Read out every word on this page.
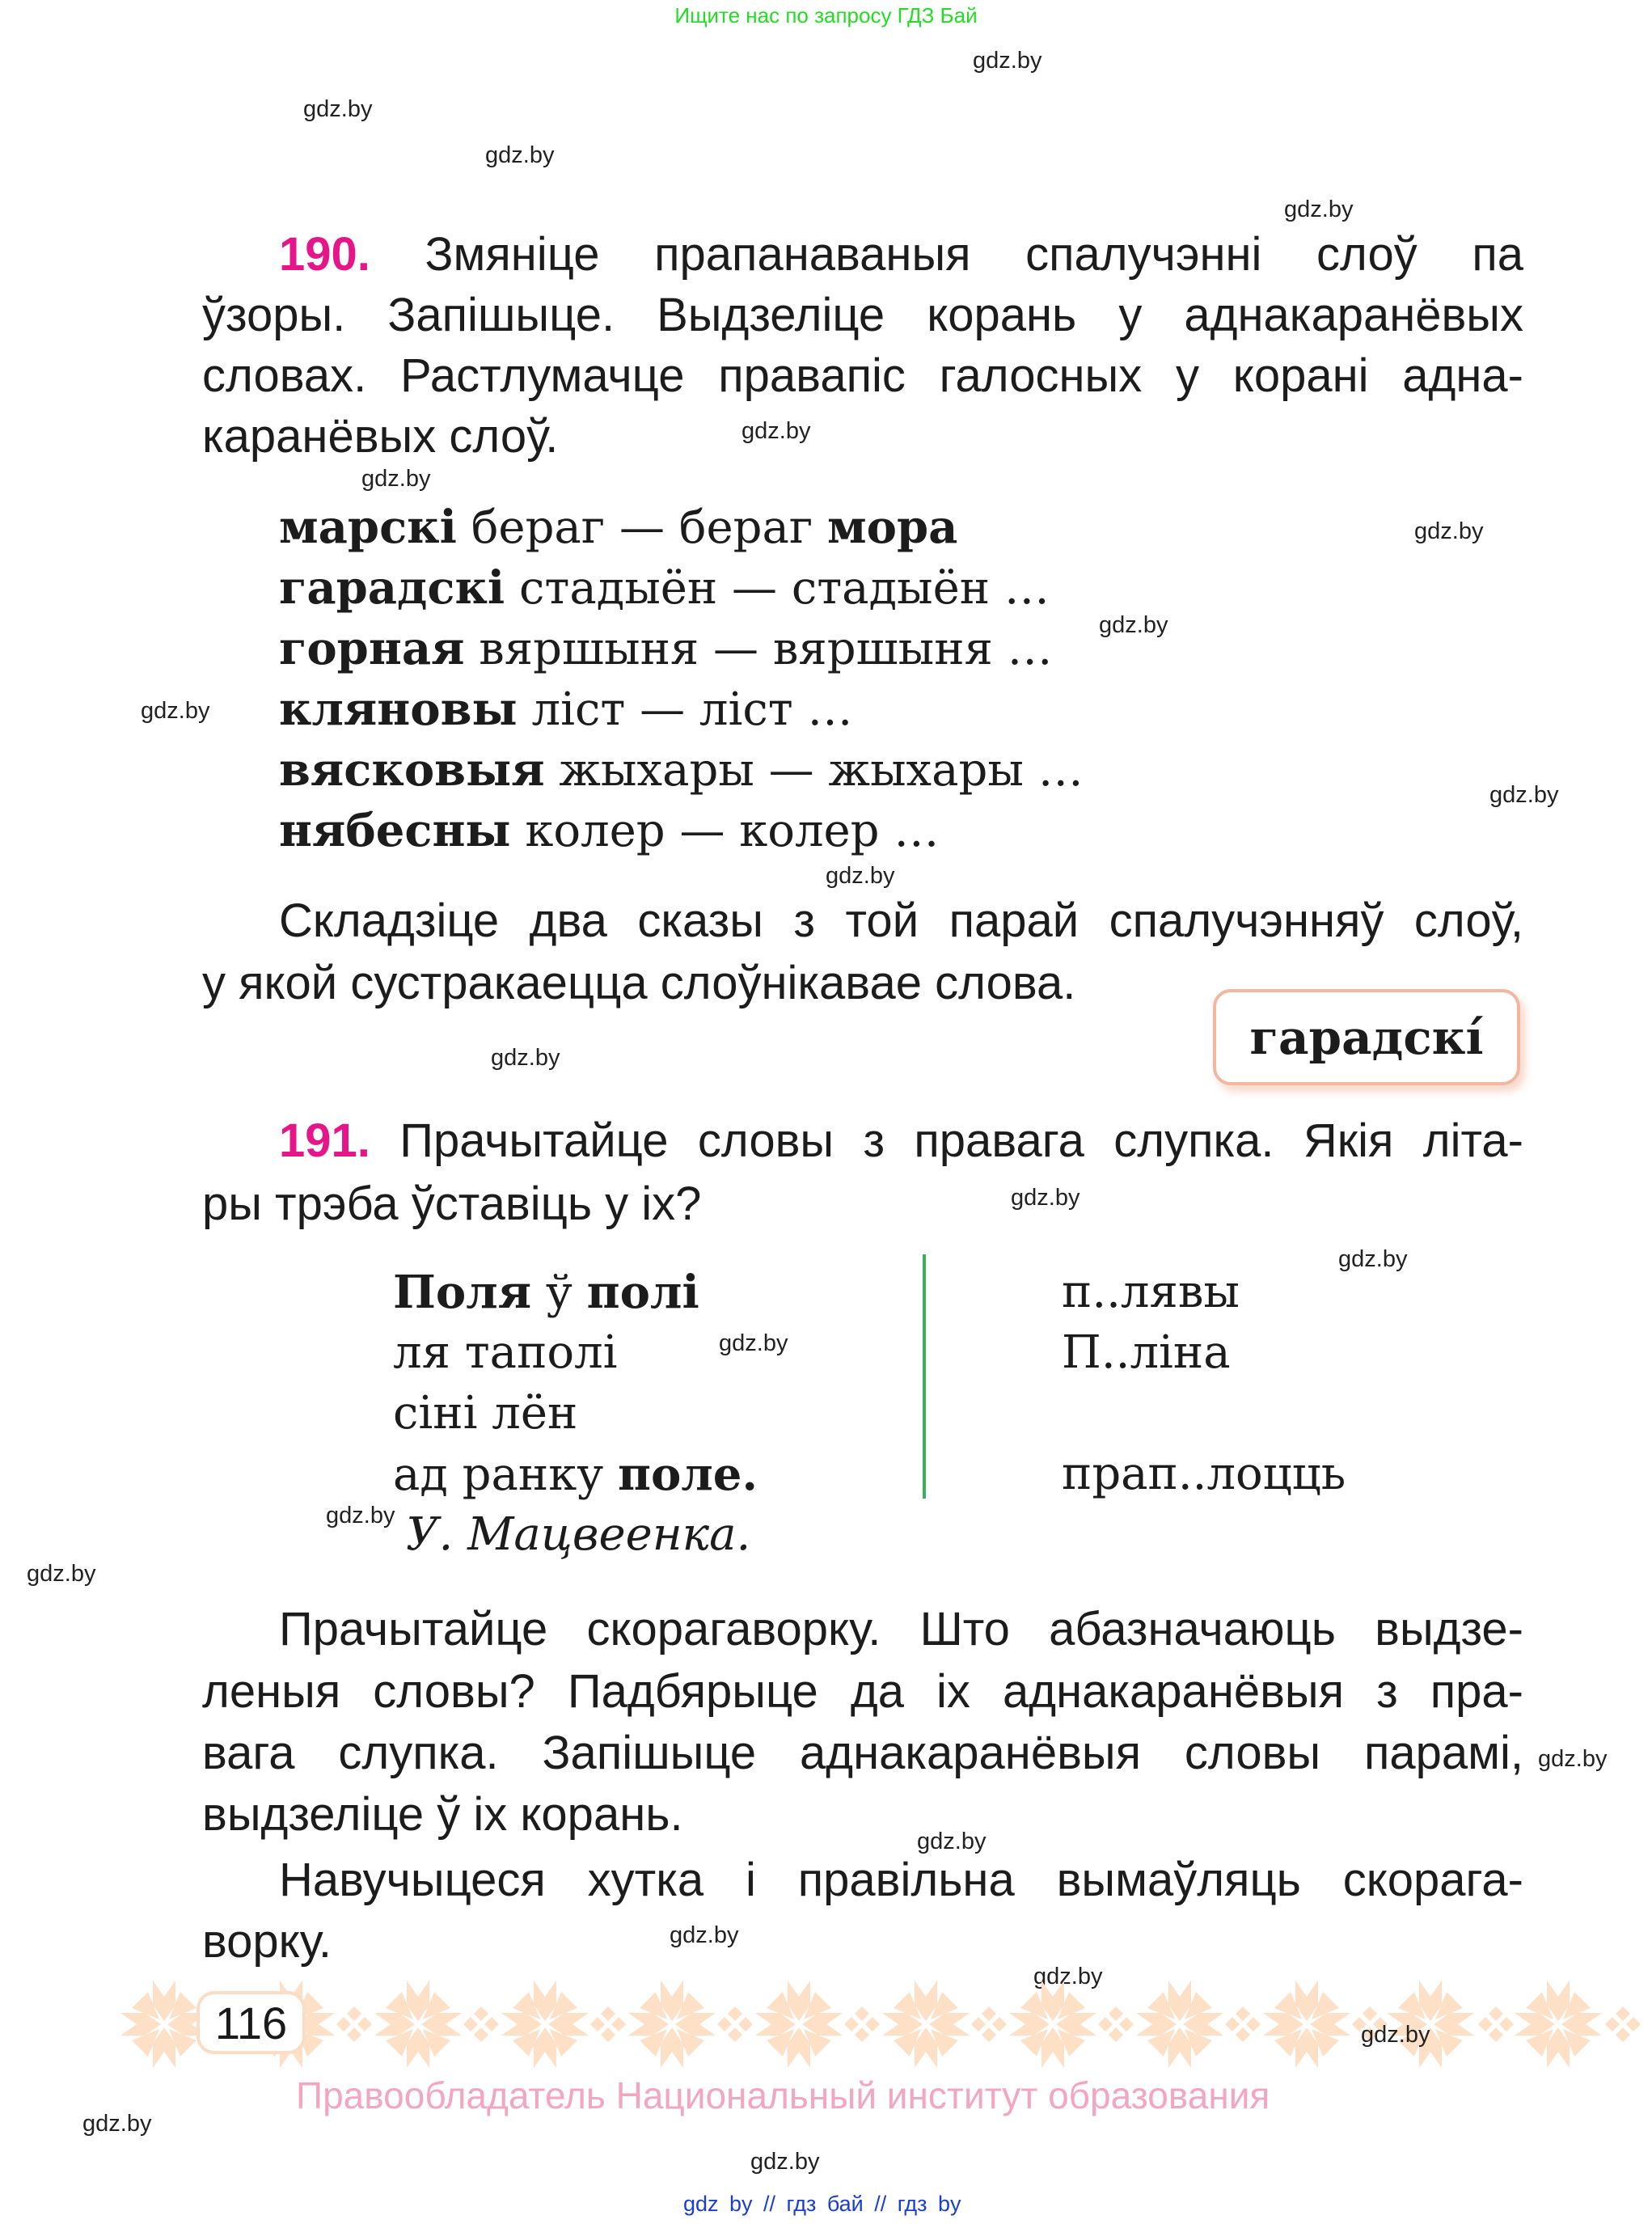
Ищите нас по запросу ГДЗ Бай
gdz.by
gdz.by
gdz.by
gdz.by
gdz.by
gdz.by
gdz.by
gdz.by
gdz.by
gdz.by
gdz.by
gdz.by
gdz.by
gdz.by
gdz.by
gdz.by
gdz.by
gdz.by
gdz.by
gdz.by
gdz.by
gdz.by
gdz.by
gdz.by
190. Змяніце прапанаваныя спалучэнні слоў па
ўзоры. Запішыце. Выдзеліце корань у аднакаранёвых
словах. Растлумачце правапіс галосных у корані адна-
каранёвых слоў.
марскі бераг — бераг мора
гарадскі стадыён — стадыён …
горная вяршыня — вяршыня …
кляновы ліст — ліст …
вясковыя жыхары — жыхары …
нябесны колер — колер …
Складзіце два сказы з той парай спалучэнняў слоў,
у якой сустракаецца слоўнікавае слова.
гарадскі́
191. Прачытайце словы з правага слупка. Якія літа-
ры трэба ўставіць у іх?
Поля ў полі
ля таполі
сіні лён
ад ранку поле.
У. Мацвеенка.
п..лявы
П..ліна
прап..лоцць
Прачытайце скорагаворку. Што абазначаюць выдзе-
леныя словы? Падбярыце да іх аднакаранёвыя з пра-
вага слупка. Запішыце аднакаранёвыя словы парамі,
выдзеліце ў іх корань.
Навучыцеся хутка і правільна вымаўляць скорага-
ворку.
116
Правообладатель Национальный институт образования
gdz by // гдз бай // гдз by
